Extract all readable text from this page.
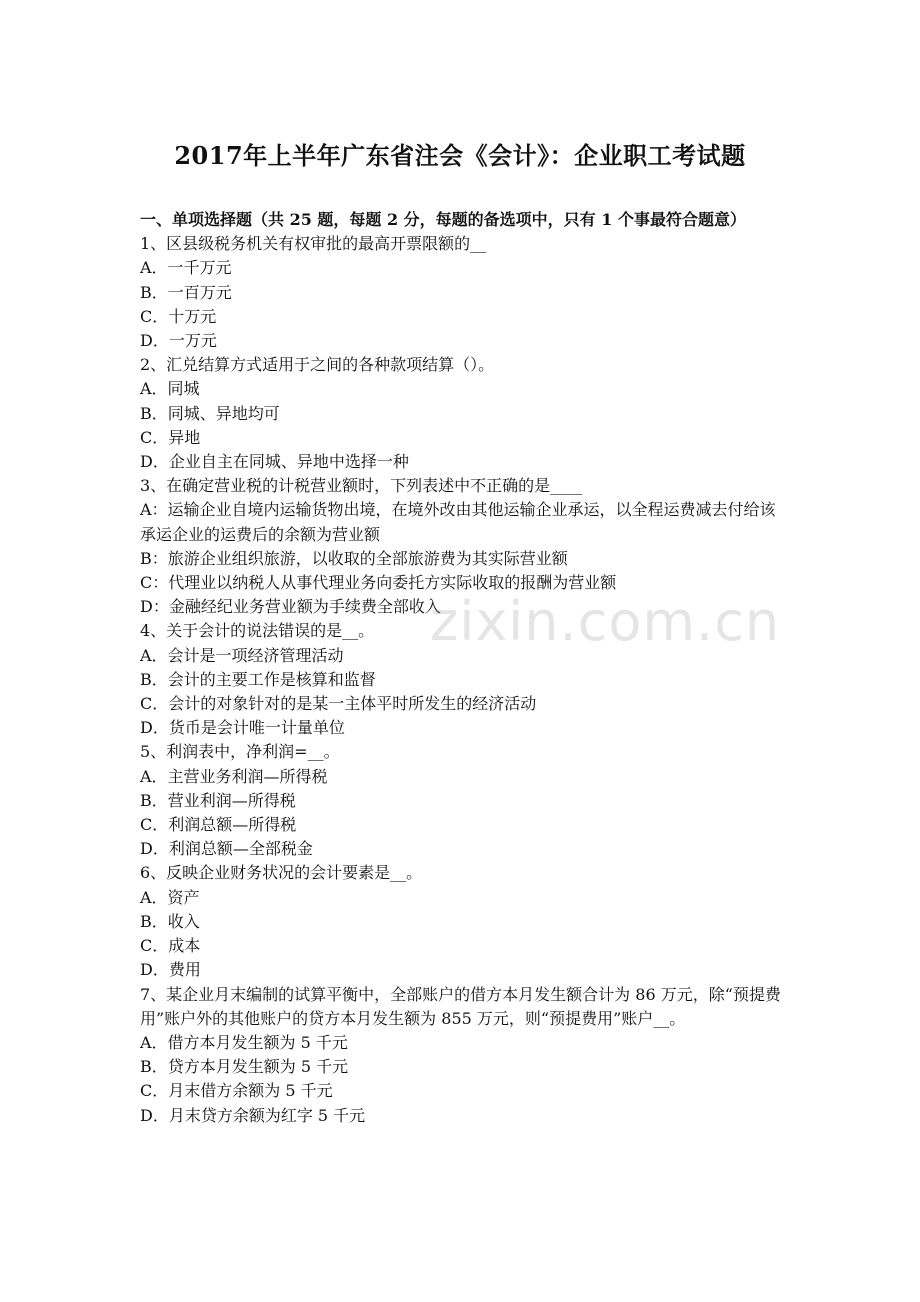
2017年上半年广东省注会《会计》：企业职工考试题

一、单项选择题（共 25 题，每题 2 分，每题的备选项中，只有 1 个事最符合题意）

1、区县级税务机关有权审批的最高开票限额的__

A．一千万元

B．一百万元

C．十万元

D．一万元

2、汇兑结算方式适用于之间的各种款项结算（）。

A．同城

B．同城、异地均可

C．异地

D．企业自主在同城、异地中选择一种

3、在确定营业税的计税营业额时，下列表述中不正确的是____

A：运输企业自境内运输货物出境，在境外改由其他运输企业承运，以全程运费减去付给该承运企业的运费后的余额为营业额

B：旅游企业组织旅游，以收取的全部旅游费为其实际营业额

C：代理业以纳税人从事代理业务向委托方实际收取的报酬为营业额

D：金融经纪业务营业额为手续费全部收入

4、关于会计的说法错误的是__。

A．会计是一项经济管理活动

B．会计的主要工作是核算和监督

C．会计的对象针对的是某一主体平时所发生的经济活动

D．货币是会计唯一计量单位

5、利润表中，净利润=__。

A．主营业务利润—所得税

B．营业利润—所得税

C．利润总额—所得税

D．利润总额—全部税金

6、反映企业财务状况的会计要素是__。

A．资产

B．收入

C．成本

D．费用

7、某企业月末编制的试算平衡中，全部账户的借方本月发生额合计为 86 万元，除“预提费用”账户外的其他账户的贷方本月发生额为 855 万元，则“预提费用”账户__。

A．借方本月发生额为 5 千元

B．贷方本月发生额为 5 千元

C．月末借方余额为 5 千元

D．月末贷方余额为红字 5 千元

zixin.com.cn
